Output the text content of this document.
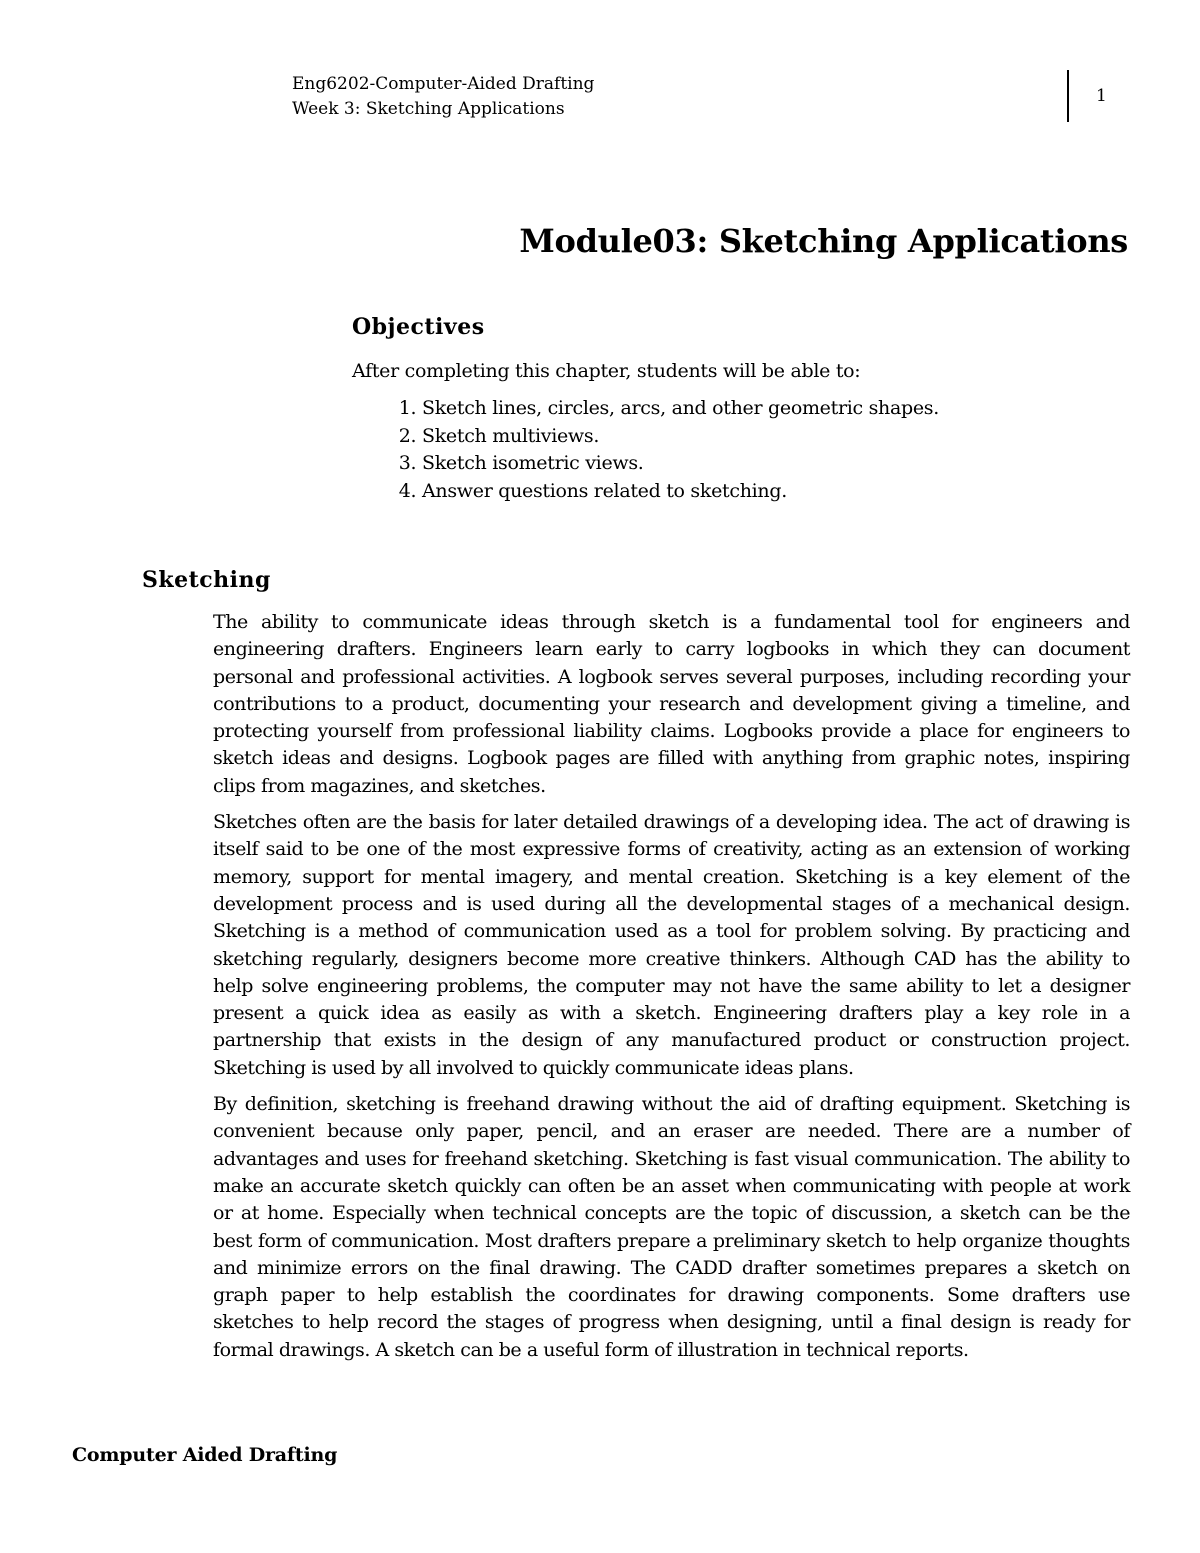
Eng6202-Computer-Aided Drafting
Week 3: Sketching Applications
1
Module03: Sketching Applications
Objectives

After completing this chapter, students will be able to:

1. Sketch lines, circles, arcs, and other geometric shapes.
2. Sketch multiviews.
3. Sketch isometric views.
4. Answer questions related to sketching.
Sketching

The ability to communicate ideas through sketch is a fundamental tool for engineers and engineering drafters. Engineers learn early to carry logbooks in which they can document personal and professional activities. A logbook serves several purposes, including recording your contributions to a product, documenting your research and development giving a timeline, and protecting yourself from professional liability claims. Logbooks provide a place for engineers to sketch ideas and designs. Logbook pages are filled with anything from graphic notes, inspiring clips from magazines, and sketches.

Sketches often are the basis for later detailed drawings of a developing idea. The act of drawing is itself said to be one of the most expressive forms of creativity, acting as an extension of working memory, support for mental imagery, and mental creation. Sketching is a key element of the development process and is used during all the developmental stages of a mechanical design. Sketching is a method of communication used as a tool for problem solving. By practicing and sketching regularly, designers become more creative thinkers. Although CAD has the ability to help solve engineering problems, the computer may not have the same ability to let a designer present a quick idea as easily as with a sketch. Engineering drafters play a key role in a partnership that exists in the design of any manufactured product or construction project. Sketching is used by all involved to quickly communicate ideas plans.

By definition, sketching is freehand drawing without the aid of drafting equipment. Sketching is convenient because only paper, pencil, and an eraser are needed. There are a number of advantages and uses for freehand sketching. Sketching is fast visual communication. The ability to make an accurate sketch quickly can often be an asset when communicating with people at work or at home. Especially when technical concepts are the topic of discussion, a sketch can be the best form of communication. Most drafters prepare a preliminary sketch to help organize thoughts and minimize errors on the final drawing. The CADD drafter sometimes prepares a sketch on graph paper to help establish the coordinates for drawing components. Some drafters use sketches to help record the stages of progress when designing, until a final design is ready for formal drawings. A sketch can be a useful form of illustration in technical reports.

Computer Aided Drafting
